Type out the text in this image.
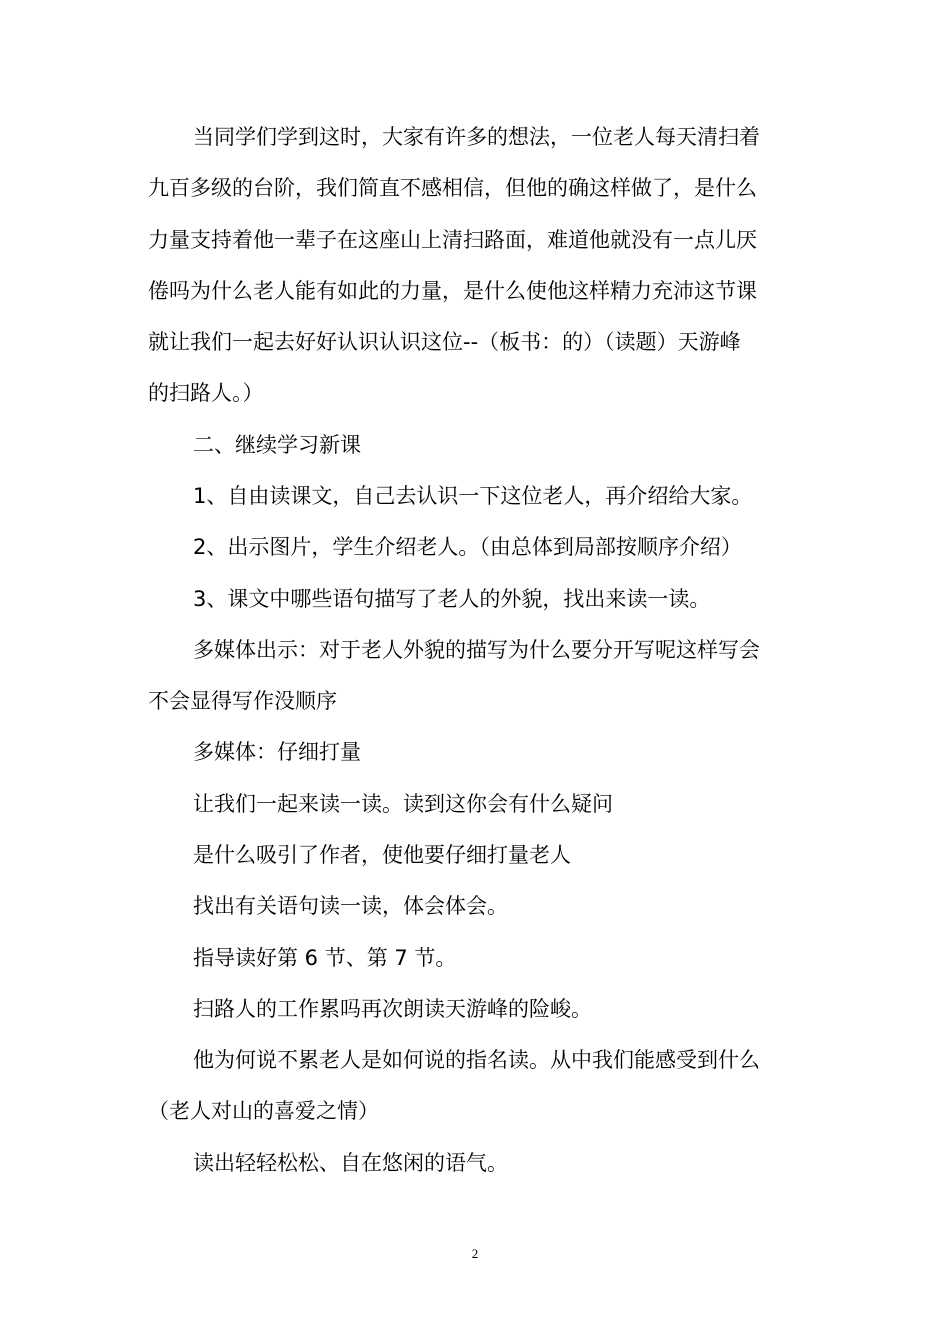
当同学们学到这时，大家有许多的想法，一位老人每天清扫着
九百多级的台阶，我们简直不感相信，但他的确这样做了，是什么
力量支持着他一辈子在这座山上清扫路面，难道他就没有一点儿厌
倦吗为什么老人能有如此的力量，是什么使他这样精力充沛这节课
就让我们一起去好好认识认识这位--（板书：的）（读题）天游峰
的扫路人。）
二、继续学习新课
1、自由读课文，自己去认识一下这位老人，再介绍给大家。
2、出示图片，学生介绍老人。（由总体到局部按顺序介绍）
3、课文中哪些语句描写了老人的外貌，找出来读一读。
多媒体出示：对于老人外貌的描写为什么要分开写呢这样写会
不会显得写作没顺序
多媒体：仔细打量
让我们一起来读一读。读到这你会有什么疑问
是什么吸引了作者，使他要仔细打量老人
找出有关语句读一读，体会体会。
指导读好第 6 节、第 7 节。
扫路人的工作累吗再次朗读天游峰的险峻。
他为何说不累老人是如何说的指名读。从中我们能感受到什么
（老人对山的喜爱之情）
读出轻轻松松、自在悠闲的语气。
2
